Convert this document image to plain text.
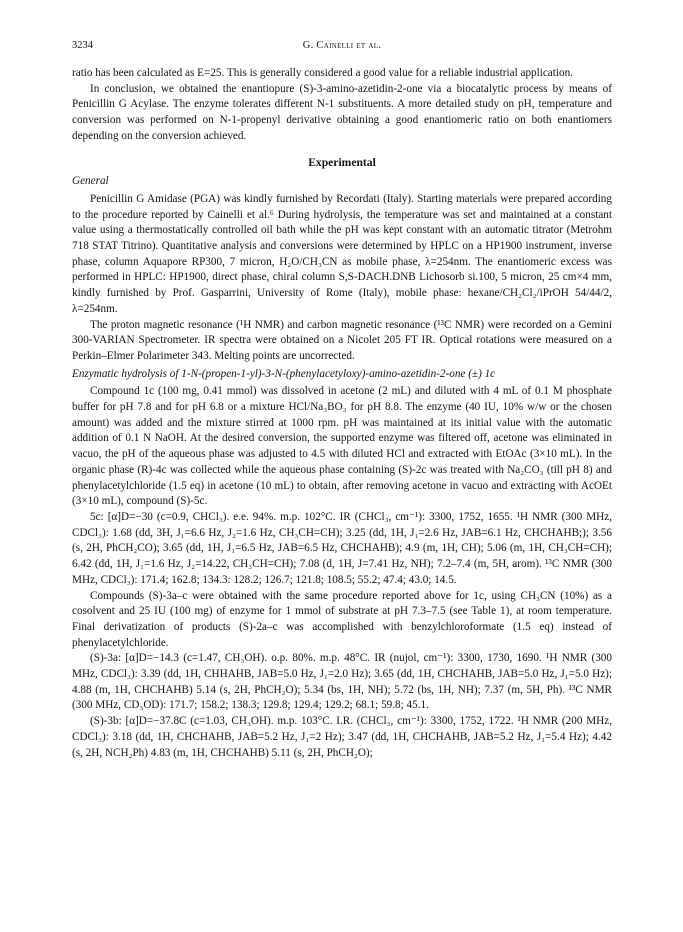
3234	G. Cainelli et al.

ratio has been calculated as E=25. This is generally considered a good value for a reliable industrial application.

In conclusion, we obtained the enantiopure (S)-3-amino-azetidin-2-one via a biocatalytic process by means of Penicillin G Acylase. The enzyme tolerates different N-1 substituents. A more detailed study on pH, temperature and conversion was performed on N-1-propenyl derivative obtaining a good enantiomeric ratio on both enantiomers depending on the conversion achieved.

Experimental
General

Penicillin G Amidase (PGA) was kindly furnished by Recordati (Italy). Starting materials were prepared according to the procedure reported by Cainelli et al.⁶ During hydrolysis, the temperature was set and maintained at a constant value using a thermostatically controlled oil bath while the pH was kept constant with an automatic titrator (Metrohm 718 STAT Titrino). Quantitative analysis and conversions were determined by HPLC on a HP1900 instrument, inverse phase, column Aquapore RP300, 7 micron, H₂O/CH₃CN as mobile phase, λ=254nm. The enantiomeric excess was performed in HPLC: HP1900, direct phase, chiral column S,S-DACH.DNB Lichosorb si.100, 5 micron, 25 cm×4 mm, kindly furnished by Prof. Gasparrini, University of Rome (Italy), mobile phase: hexane/CH₂Cl₂/iPrOH 54/44/2, λ=254nm.

The proton magnetic resonance (¹H NMR) and carbon magnetic resonance (¹³C NMR) were recorded on a Gemini 300-VARIAN Spectrometer. IR spectra were obtained on a Nicolet 205 FT IR. Optical rotations were measured on a Perkin–Elmer Polarimeter 343. Melting points are uncorrected.

Enzymatic hydrolysis of 1-N-(propen-1-yl)-3-N-(phenylacetyloxy)-amino-azetidin-2-one (±) 1c

Compound 1c (100 mg, 0.41 mmol) was dissolved in acetone (2 mL) and diluted with 4 mL of 0.1 M phosphate buffer for pH 7.8 and for pH 6.8 or a mixture HCl/Na₃BO₃ for pH 8.8. The enzyme (40 IU, 10% w/w or the chosen amount) was added and the mixture stirred at 1000 rpm. pH was maintained at its initial value with the automatic addition of 0.1 N NaOH. At the desired conversion, the supported enzyme was filtered off, acetone was eliminated in vacuo, the pH of the aqueous phase was adjusted to 4.5 with diluted HCl and extracted with EtOAc (3×10 mL). In the organic phase (R)-4c was collected while the aqueous phase containing (S)-2c was treated with Na₂CO₃ (till pH 8) and phenylacetylchloride (1.5 eq) in acetone (10 mL) to obtain, after removing acetone in vacuo and extracting with AcOEt (3×10 mL), compound (S)-5c.

5c: [α]D=−30 (c=0.9, CHCl₃). e.e. 94%. m.p. 102°C. IR (CHCl₃, cm⁻¹): 3300, 1752, 1655. ¹H NMR (300 MHz, CDCl₃): 1.68 (dd, 3H, J₁=6.6 Hz, J₂=1.6 Hz, CH₃CH=CH); 3.25 (dd, 1H, J₁=2.6 Hz, JAB=6.1 Hz, CHCHAHB;); 3.56 (s, 2H, PhCH₂CO); 3.65 (dd, 1H, J₁=6.5 Hz, JAB=6.5 Hz, CHCHAHB); 4.9 (m, 1H, CH); 5.06 (m, 1H, CH₃CH=CH); 6.42 (dd, 1H, J₁=1.6 Hz, J₂=14.22, CH₃CH=CH); 7.08 (d, 1H, J=7.41 Hz, NH); 7.2–7.4 (m, 5H, arom). ¹³C NMR (300 MHz, CDCl₃): 171.4; 162.8; 134.3: 128.2; 126.7; 121.8; 108.5; 55.2; 47.4; 43.0; 14.5.

Compounds (S)-3a–c were obtained with the same procedure reported above for 1c, using CH₃CN (10%) as a cosolvent and 25 IU (100 mg) of enzyme for 1 mmol of substrate at pH 7.3–7.5 (see Table 1), at room temperature. Final derivatization of products (S)-2a–c was accomplished with benzylchloroformate (1.5 eq) instead of phenylacetylchloride.

(S)-3a: [α]D=−14.3 (c=1.47, CH₃OH). o.p. 80%. m.p. 48°C. IR (nujol, cm⁻¹): 3300, 1730, 1690. ¹H NMR (300 MHz, CDCl₃): 3.39 (dd, 1H, CHHAHB, JAB=5.0 Hz, J₁=2.0 Hz); 3.65 (dd, 1H, CHCHAHB, JAB=5.0 Hz, J₁=5.0 Hz); 4.88 (m, 1H, CHCHAHB) 5.14 (s, 2H, PhCH₂O); 5.34 (bs, 1H, NH); 5.72 (bs, 1H, NH); 7.37 (m, 5H, Ph). ¹³C NMR (300 MHz, CD₃OD): 171.7; 158.2; 138.3; 129.8; 129.4; 129.2; 68.1; 59.8; 45.1.

(S)-3b: [α]D=−37.8C (c=1.03, CH₃OH). m.p. 103°C. I.R. (CHCl₃, cm⁻¹): 3300, 1752, 1722. ¹H NMR (200 MHz, CDCl₃): 3.18 (dd, 1H, CHCHAHB, JAB=5.2 Hz, J₁=2 Hz); 3.47 (dd, 1H, CHCHAHB, JAB=5.2 Hz, J₁=5.4 Hz); 4.42 (s, 2H, NCH₂Ph) 4.83 (m, 1H, CHCHAHB) 5.11 (s, 2H, PhCH₂O);
